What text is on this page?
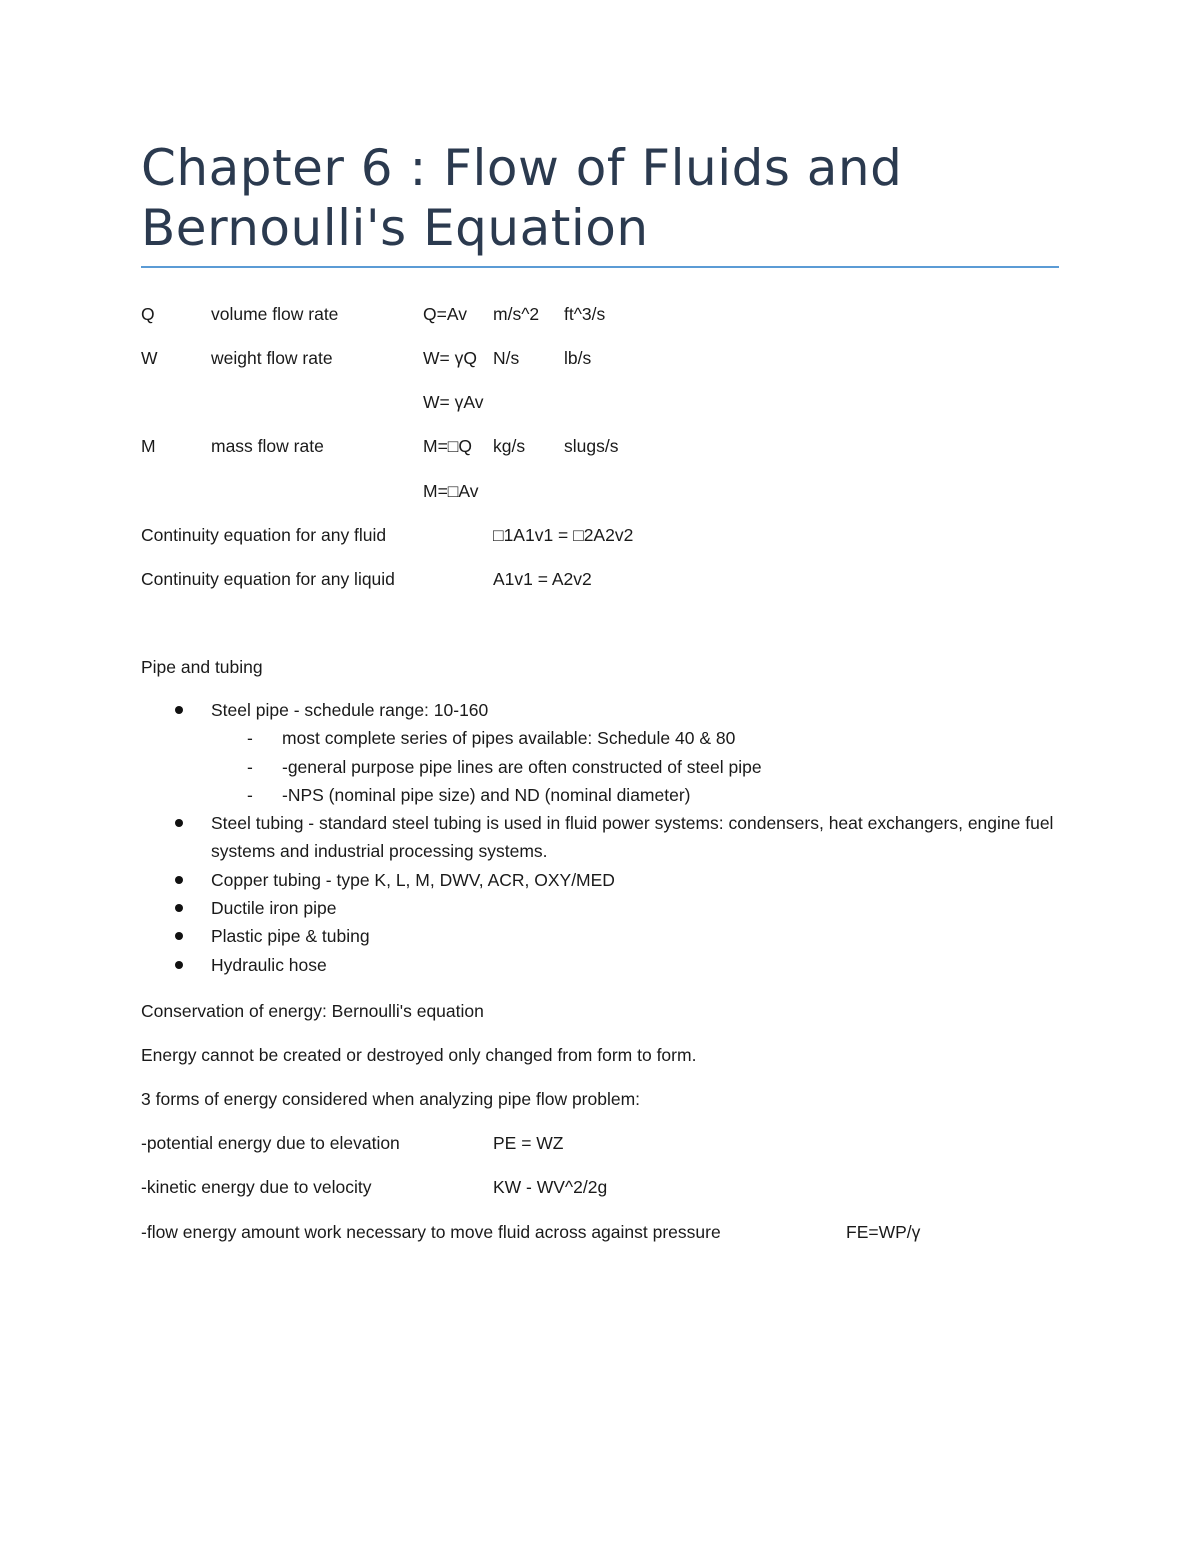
Chapter 6 : Flow of Fluids and Bernoulli's Equation
Q	volume flow rate	Q=Av m/s^2 ft^3/s
W	weight flow rate	W= γQ N/s	lb/s
W= γAv
M	mass flow rate	M=□Q kg/s slugs/s
M=□Av
Continuity equation for any fluid	□1A1v1 = □2A2v2
Continuity equation for any liquid	A1v1 = A2v2
Pipe and tubing
Steel pipe - schedule range: 10-160
- most complete series of pipes available: Schedule 40 & 80
- -general purpose pipe lines are often constructed of steel pipe
- -NPS (nominal pipe size) and ND (nominal diameter)
Steel tubing - standard steel tubing is used in fluid power systems: condensers, heat exchangers, engine fuel systems and industrial processing systems.
Copper tubing - type K, L, M, DWV, ACR, OXY/MED
Ductile iron pipe
Plastic pipe & tubing
Hydraulic hose
Conservation of energy: Bernoulli's equation
Energy cannot be created or destroyed only changed from form to form.
3 forms of energy considered when analyzing pipe flow problem:
-potential energy due to elevation	PE = WZ
-kinetic energy due to velocity	KW - WV^2/2g
-flow energy amount work necessary to move fluid across against pressure	FE=WP/γ
